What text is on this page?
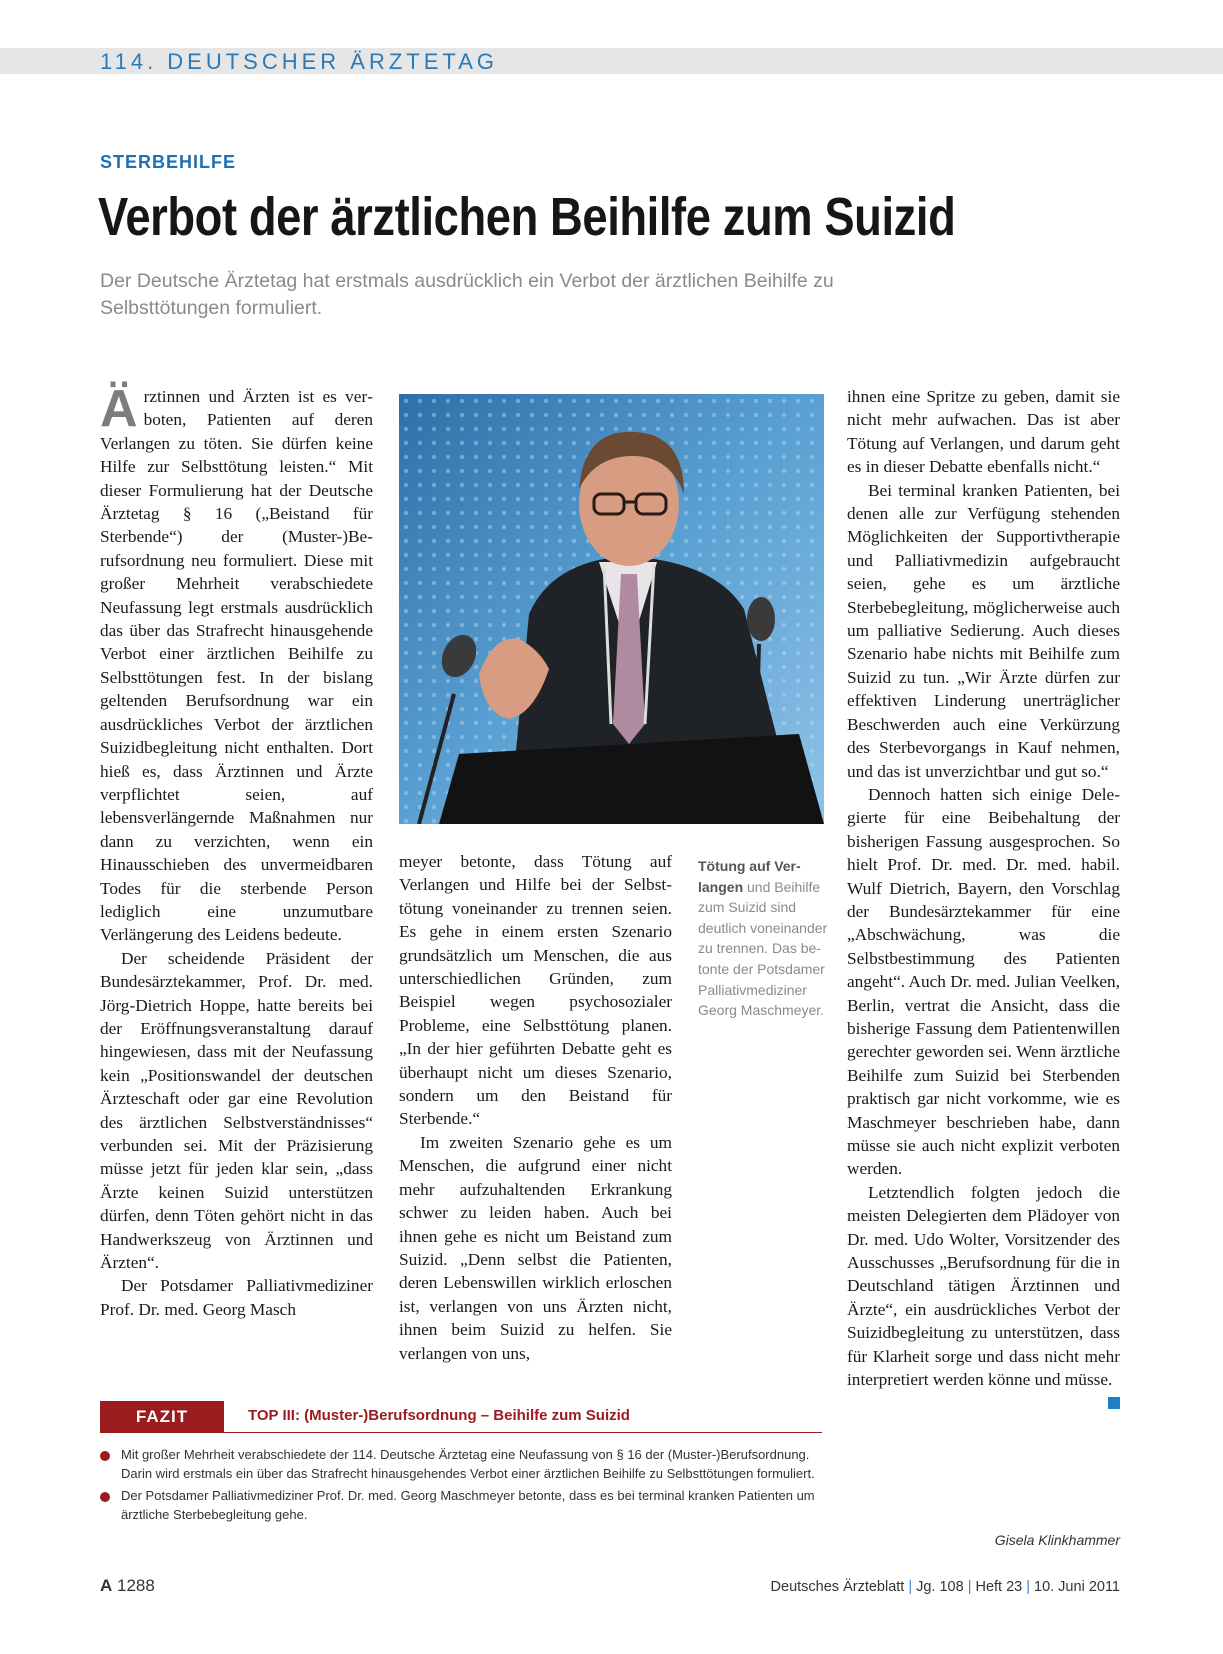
114. DEUTSCHER ÄRZTETAG
STERBEHILFE
Verbot der ärztlichen Beihilfe zum Suizid

Der Deutsche Ärztetag hat erstmals ausdrücklich ein Verbot der ärztlichen Beihilfe zu Selbsttötungen formuliert.

Ärztinnen und Ärzten ist es verboten, Patienten auf deren Verlangen zu töten. Sie dürfen keine Hilfe zur Selbsttötung leisten.“ Mit dieser Formulierung hat der Deutsche Ärztetag § 16 („Beistand für Sterbende“) der (Muster-)Berufsordnung neu formuliert. Diese mit großer Mehrheit verabschiedete Neufassung legt erstmals ausdrücklich das über das Strafrecht hinausgehende Verbot einer ärztlichen Beihilfe zu Selbsttötungen fest. In der bislang geltenden Berufsordnung war ein ausdrückliches Verbot der ärztlichen Suizidbegleitung nicht enthalten. Dort hieß es, dass Ärztinnen und Ärzte verpflichtet seien, auf lebensverlängernde Maßnahmen nur dann zu verzichten, wenn ein Hinausschieben des unvermeidbaren Todes für die sterbende Person lediglich eine unzumutbare Verlängerung des Leidens bedeute.

Der scheidende Präsident der Bundesärztekammer, Prof. Dr. med. Jörg-Dietrich Hoppe, hatte bereits bei der Eröffnungsveranstaltung darauf hingewiesen, dass mit der Neufassung kein „Positionswandel der deutschen Ärzteschaft oder gar eine Revolution des ärztlichen Selbstverständnisses“ verbunden sei. Mit der Präzisierung müsse jetzt für jeden klar sein, „dass Ärzte keinen Suizid unterstützen dürfen, denn Töten gehört nicht in das Handwerkszeug von Ärztinnen und Ärzten“.

Der Potsdamer Palliativmediziner Prof. Dr. med. Georg Masch

meyer betonte, dass Tötung auf Verlangen und Hilfe bei der Selbsttötung voneinander zu trennen seien. Es gehe in einem ersten Szenario grundsätzlich um Menschen, die aus unterschiedlichen Gründen, zum Beispiel wegen psychosozialer Probleme, eine Selbsttötung planen. „In der hier geführten Debatte geht es überhaupt nicht um dieses Szenario, sondern um den Beistand für Sterbende.“

Im zweiten Szenario gehe es um Menschen, die aufgrund einer nicht mehr aufzuhaltenden Erkrankung schwer zu leiden haben. Auch bei ihnen gehe es nicht um Beistand zum Suizid. „Denn selbst die Patienten, deren Lebenswillen wirklich erloschen ist, verlangen von uns Ärzten nicht, ihnen beim Suizid zu helfen. Sie verlangen von uns,

Tötung auf Verlangen und Beihilfe zum Suizid sind deutlich voneinander zu trennen. Das betonte der Potsdamer Palliativmediziner Georg Maschmeyer.

ihnen eine Spritze zu geben, damit sie nicht mehr aufwachen. Das ist aber Tötung auf Verlangen, und darum geht es in dieser Debatte ebenfalls nicht.“

Bei terminal kranken Patienten, bei denen alle zur Verfügung stehenden Möglichkeiten der Supportivtherapie und Palliativmedizin aufgebraucht seien, gehe es um ärztliche Sterbebegleitung, möglicherweise auch um palliative Sedierung. Auch dieses Szenario habe nichts mit Beihilfe zum Suizid zu tun. „Wir Ärzte dürfen zur effektiven Linderung unerträglicher Beschwerden auch eine Verkürzung des Sterbevorgangs in Kauf nehmen, und das ist unverzichtbar und gut so.“

Dennoch hatten sich einige Delegierte für eine Beibehaltung der bisherigen Fassung ausgesprochen. So hielt Prof. Dr. med. Dr. med. habil. Wulf Dietrich, Bayern, den Vorschlag der Bundesärztekammer für eine „Abschwächung, was die Selbstbestimmung des Patienten angeht“. Auch Dr. med. Julian Veelken, Berlin, vertrat die Ansicht, dass die bisherige Fassung dem Patientenwillen gerechter geworden sei. Wenn ärztliche Beihilfe zum Suizid bei Sterbenden praktisch gar nicht vorkomme, wie es Maschmeyer beschrieben habe, dann müsse sie auch nicht explizit verboten werden.

Letztendlich folgten jedoch die meisten Delegierten dem Plädoyer von Dr. med. Udo Wolter, Vorsitzender des Ausschusses „Berufsordnung für die in Deutschland tätigen Ärztinnen und Ärzte“, ein ausdrückliches Verbot der Suizidbegleitung zu unterstützen, dass für Klarheit sorge und dass nicht mehr interpretiert werden könne und müsse.

Gisela Klinkhammer
FAZIT	TOP III: (Muster-)Berufsordnung – Beihilfe zum Suizid
Mit großer Mehrheit verabschiedete der 114. Deutsche Ärztetag eine Neufassung von § 16 der (Muster-)Berufsordnung. Darin wird erstmals ein über das Strafrecht hinausgehendes Verbot einer ärztlichen Beihilfe zu Selbsttötungen formuliert.
Der Potsdamer Palliativmediziner Prof. Dr. med. Georg Maschmeyer betonte, dass es bei terminal kranken Patienten um ärztliche Sterbebegleitung gehe.
A 1288	Deutsches Ärzteblatt | Jg. 108 | Heft 23 | 10. Juni 2011
